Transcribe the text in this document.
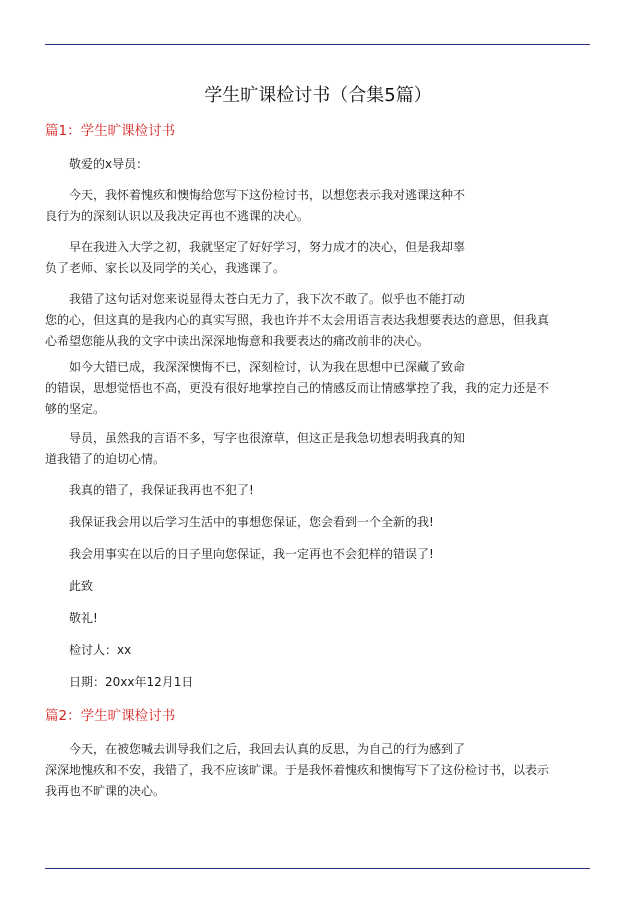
学生旷课检讨书（合集5篇）
篇1：学生旷课检讨书
敬爱的x导员：
今天，我怀着愧疚和懊悔给您写下这份检讨书，以想您表示我对逃课这种不
良行为的深刻认识以及我决定再也不逃课的决心。
早在我进入大学之初，我就坚定了好好学习，努力成才的决心，但是我却辜
负了老师、家长以及同学的关心，我逃课了。
我错了这句话对您来说显得太苍白无力了，我下次不敢了。似乎也不能打动
您的心，但这真的是我内心的真实写照，我也许并不太会用语言表达我想要表达的意思，但我真
心希望您能从我的文字中读出深深地悔意和我要表达的痛改前非的决心。
如今大错已成，我深深懊悔不已，深刻检讨，认为我在思想中已深藏了致命
的错误，思想觉悟也不高，更没有很好地掌控自己的情感反而让情感掌控了我，我的定力还是不
够的坚定。
导员，虽然我的言语不多，写字也很潦草，但这正是我急切想表明我真的知
道我错了的迫切心情。
我真的错了，我保证我再也不犯了!
我保证我会用以后学习生活中的事想您保证，您会看到一个全新的我!
我会用事实在以后的日子里向您保证，我一定再也不会犯样的错误了!
此致
敬礼!
检讨人：xx
日期：20xx年12月1日
篇2：学生旷课检讨书
今天，在被您喊去训导我们之后，我回去认真的反思，为自己的行为感到了
深深地愧疚和不安，我错了，我不应该旷课。于是我怀着愧疚和懊悔写下了这份检讨书，以表示
我再也不旷课的决心。
